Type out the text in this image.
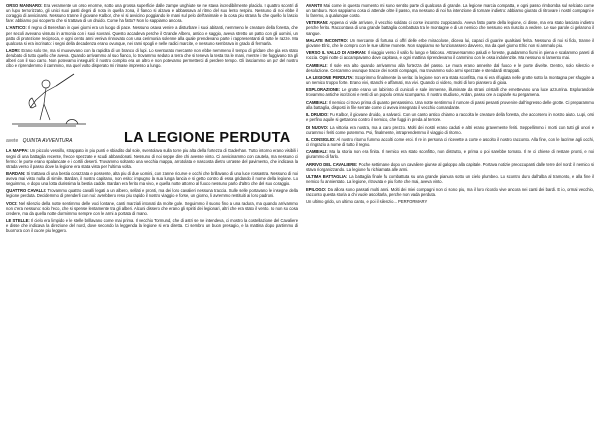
ORSO MANNARO: Era veramente un orso enorme, sotto una grossa superficie dalle zampe unghiute se ne stava incredibilmente placido. I quattro scontri di un lupo terrorizzato, gli unici suoi pasti degni di nota in quella zona, il fianco si alzava e abbassava al ritmo del suo lento respiro. Nessuno di noi ebbe il coraggio di avvicinarsi. Nessuno tranne il giovane Kalbor, che vi si avvicino poggiando le mani sul pelo dell'animale e la cosa piu strana fu che quello lo lascio fare: abbiamo poi scoperto che si trattava di un druido. Come ha fatto? Non lo sappiamo ancora.

L'ANTICO: Il regno di Bereshan in quei giorni era un luogo di pace. Nessuno osava venire a disturbare i suoi abitanti, nemmeno le creature della foresta, che per secoli avevano vissuto in armonia con i suoi sovrani. Questo accadeva perche il Grande Albero, antico e saggio, aveva stretto un patto con gli uomini, un patto di protezione reciproca, e ogni cento anni veniva rinnovato con una cerimonia solenne alla quale prendevano parte i rappresentanti di tutte le razze. Ma qualcosa si era incrinato: i segni della decadenza erano ovunque, nei rami spogli e nelle radici marcite, e nessuno sembrava in grado di fermarla.

LADRI: Erano solo tre, ma si muovevano con la rapidita di un branco di lupi. Lo sventurato mercante non ebbe nemmeno il tempo di gridare che gia era stato derubato di tutto quello che aveva. Quando arrivammo al suo fianco, lo trovammo seduto a terra che si teneva la testa tra le mani, mentre i tre fuggivano tra gli alberi con il suo carro. Non potevamo inseguirli: il nostro compito era un altro e non potevamo permetterci di perdere tempo. Gli lasciammo un po' del nostro cibo e riprendemmo il cammino, ma quel volto disperato mi rimase impresso a lungo.

avete QUINTA AVVENTURA	LA LEGIONE PERDUTA

LA MAPPA: Un piccolo vessillo, strappato in piu punti e sbiadito dal sole, sventolava sulla torre piu alta della fortezza di Gaderhan. Tutto intorno erano visibili i segni di una battaglia recente, frecce spezzate e scudi abbandonati. Nessuno di noi seppe dire chi avesse vinto. Ci avvicinammo con cautela, ma nessuno ci fermo: le porte erano spalancate e i cortili deserti. Trovammo soltanto una vecchia mappa, arrotolata e nascosta dietro un'asse del pavimento, che indicava la strada verso il passo dove la legione era stata vista per l'ultima volta.

BARDAN: Si trattava di una bestia corazzata e possente, alta piu di due uomini, con zanne ricurve e occhi che brillavano di una luce rossastra. Nessuno di noi aveva mai visto nulla di simile. Bardan, il nostro capitano, non esito: impugno la sua lunga lancia e si getto contro di essa gridando il nome della legione. Lo seguimmo, e dopo una lotta durissima la bestia cadde. Bardan era ferito ma vivo, e quella notte attorno al fuoco nessuno parlo d'altro che del suo coraggio.

QUATTRO CAVALLI: Trovammo quattro cavalli legati a un albero, sellati e pronti, ma dei loro cavalieri nessuna traccia. Sulle selle portavano le insegne della legione perduta. Decidemmo di prenderli con noi: avrebbero reso piu rapido il nostro viaggio e forse, un giorno, li avremmo restituiti ai loro padroni.

VOCI: Nel silenzio della notte sentimmo delle voci lontane, canti marziali intonati da molte gole. Seguimmo il suono fino a una radura, ma quando arrivammo non c'era nessuno: solo l'eco, che si spense lentamente tra gli alberi. Alcuni dissero che erano gli spiriti dei legionari, altri che era stato il vento. Io non so cosa credere, ma da quella notte dormimmo sempre con le armi a portata di mano.

LE STELLE: Il cielo era limpido e le stelle brillavano come mai prima. Il vecchio Tormund, che di astri se ne intendeva, ci mostro la costellazione del Cavaliere e disse che indicava la direzione del nord, dove secondo la leggenda la legione si era diretta. Ci sembro un buon presagio, e la mattina dopo partimmo di buon'ora con il cuore piu leggero.

AVANTI! Mai come in questo momento mi sono sentito parte di qualcosa di grande. La legione marcia compatta, e ogni passo rimbomba sul selciato come un tamburo. Non sappiamo cosa ci attende oltre il passo, ma nessuno di noi ha intenzione di tornare indietro: abbiamo giurato di ritrovare i nostri compagni e lo faremo, a qualunque costo.

VETERANI: Appena ci vide arrivare, il vecchio soldato ci corse incontro zoppicando. Aveva fatto parte della legione, ci disse, ma era stato lasciato indietro perche ferito. Raccontava di una grande battaglia combattuta tra le montagne e di un nemico che nessuno era riuscito a vedere. Le sue parole ci gelarono il sangue.

MALATE INCONTRO: Un mercante di fortuna ci offri delle erbe miracolose, diceva lui, capaci di guarire qualsiasi ferita. Nessuno di noi si fido, tranne il giovane Elric, che le compro con le sue ultime monete. Non sappiamo se funzionassero davvero, ma da quel giorno Elric non si ammalo piu.

VERSO IL VALLO DI ASHRAN: Il viaggio verso il vallo fu lungo e faticoso. Attraversammo paludi e foreste, guadammo fiumi in piena e scalammo pareti di roccia. Ogni notte ci accampavamo dove capitava, e ogni mattina riprendevamo il cammino con le ossa indolenzite. Ma nessuno si lamento mai.

CAMBIALI: Il sole era alto quando arrivammo alla fortezza del passo. Le mura erano annerite dal fuoco e le porte divelte. Dentro, solo silenzio e desolazione. Cercammo ovunque tracce dei nostri compagni, ma trovammo solo armi spezzate e stendardi strappati.

LA LEGIONE PERDUTA: Scoprimmo finalmente la verita: la legione non era stata sconfitta, ma si era rifugiata nelle grotte sotto la montagna per sfuggire a un nemico troppo forte. Erano vivi, stanchi e affamati, ma vivi. Quando ci videro, molti di loro piansero di gioia.

ESPLORAZIONE: Le grotte erano un labirinto di cunicoli e sale immense, illuminate da strani cristalli che emettevano una luce azzurrina. Esplorandole trovammo antiche iscrizioni e resti di un popolo ormai scomparso. Il nostro studioso, Ardan, passo ore a copiarle su pergamena.

CAMBIALI: Il nemico ci trovo prima di quanto pensassimo. Una notte sentimmo il rumore di passi pesanti provenire dall'ingresso delle grotte. Ci preparammo alla battaglia, disposti in file serrate come ci aveva insegnato il vecchio comandante.

IL DRUIDO: Fu Kalbor, il giovane druido, a salvarci. Con un canto antico chiamo a raccolta le creature della foresta, che accorsero in nostro aiuto. Lupi, orsi e perfino aquile si gettarono contro il nemico, che fuggi in preda al terrore.

DI NUOVO: La vittoria era nostra, ma a caro prezzo. Molti dei nostri erano caduti e altri erano gravemente feriti. Seppellimmo i morti con tutti gli onori e curammo i feriti come potemmo. Poi, finalmente, intraprendemmo il viaggio di ritorno.

IL CONSIGLIO: Al nostro ritorno fummo accolti come eroi. Il re in persona ci ricevette a corte e ascolto il nostro racconto. Alla fine, con le lacrime agli occhi, ci ringrazio a nome di tutto il regno.

CAMBIALI: Ma la storia non era finita. Il nemico era stato sconfitto, non distrutto, e prima o poi sarebbe tornato. Il re ci chiese di restare pronti, e noi giurammo di farlo.

ARRIVO DEL CAVALIERE: Poche settimane dopo un cavaliere giunse al galoppo alla capitale. Portava notizie preoccupanti dalle terre del nord: il nemico si stava riorganizzando. La legione fu richiamata alle armi.

ULTIMA BATTAGLIA: La battaglia finale fu combattuta su una grande pianura sotto un cielo plumbeo. Lo scontro duro dall'alba al tramonto, e alla fine il nemico fu annientato. La legione, ritrovata e piu forte che mai, aveva vinto.

EPILOGO: Da allora sono passati molti anni. Molti dei miei compagni non ci sono piu, ma il loro ricordo vive ancora nei canti dei bardi. E io, ormai vecchio, racconto questa storia a chi vuole ascoltarla, perche non vada perduta.

Un ultimo grido, un ultimo canto, e poi il silenzio... PERFORMARY
